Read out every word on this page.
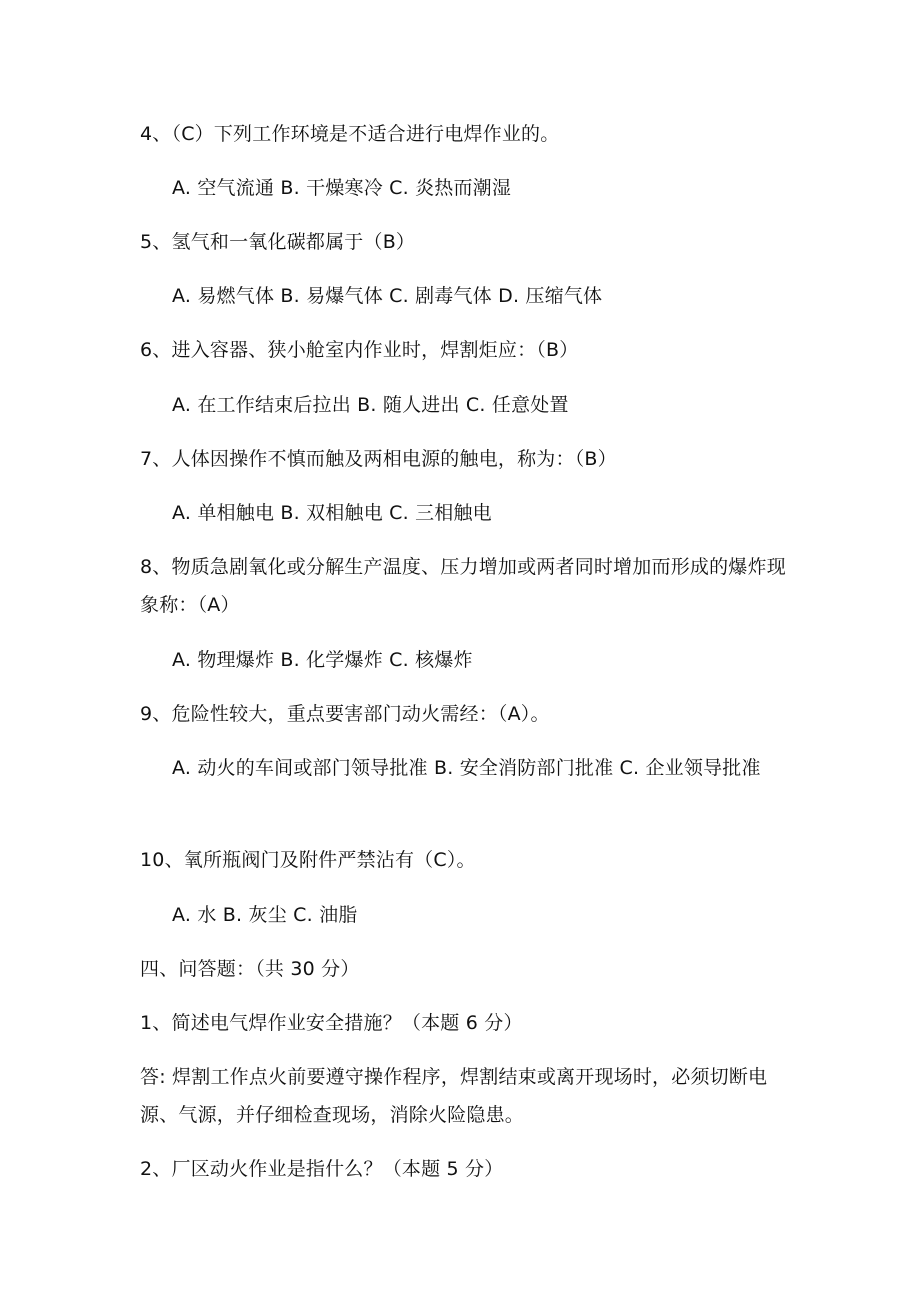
4、（C）下列工作环境是不适合进行电焊作业的。
A. 空气流通 B. 干燥寒冷 C. 炎热而潮湿
5、氢气和一氧化碳都属于（B）
A. 易燃气体 B. 易爆气体 C. 剧毒气体 D. 压缩气体
6、进入容器、狭小舱室内作业时，焊割炬应：（B）
A. 在工作结束后拉出 B. 随人进出 C. 任意处置
7、人体因操作不慎而触及两相电源的触电，称为：（B）
A. 单相触电 B. 双相触电 C. 三相触电
8、物质急剧氧化或分解生产温度、压力增加或两者同时增加而形成的爆炸现象称：（A）
A. 物理爆炸 B. 化学爆炸 C. 核爆炸
9、危险性较大，重点要害部门动火需经：（A）。
A. 动火的车间或部门领导批准 B. 安全消防部门批准 C. 企业领导批准
10、氧所瓶阀门及附件严禁沾有（C）。
A. 水 B. 灰尘 C. 油脂
四、问答题：（共 30 分）
1、简述电气焊作业安全措施？（本题 6 分）
答: 焊割工作点火前要遵守操作程序，焊割结束或离开现场时，必须切断电源、气源，并仔细检查现场，消除火险隐患。
2、厂区动火作业是指什么？（本题 5 分）
